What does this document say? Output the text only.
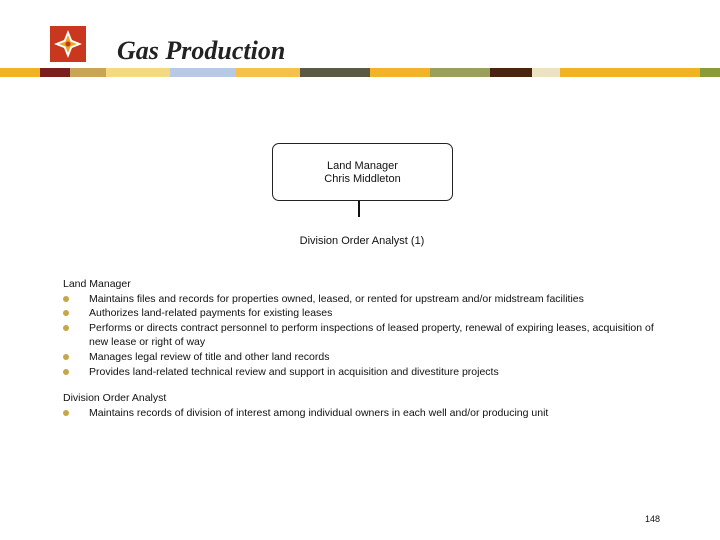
Gas Production
Land Manager
Chris Middleton
Division Order Analyst (1)
Land Manager
Maintains files and records for properties owned, leased, or rented for upstream and/or midstream facilities
Authorizes land-related payments for existing leases
Performs or directs contract personnel to perform inspections of leased property, renewal of expiring leases, acquisition of new lease or right of way
Manages legal review of title and other land records
Provides land-related technical review and support in acquisition and divestiture projects
Division Order Analyst
Maintains records of division of interest among individual owners in each well and/or producing unit
148
